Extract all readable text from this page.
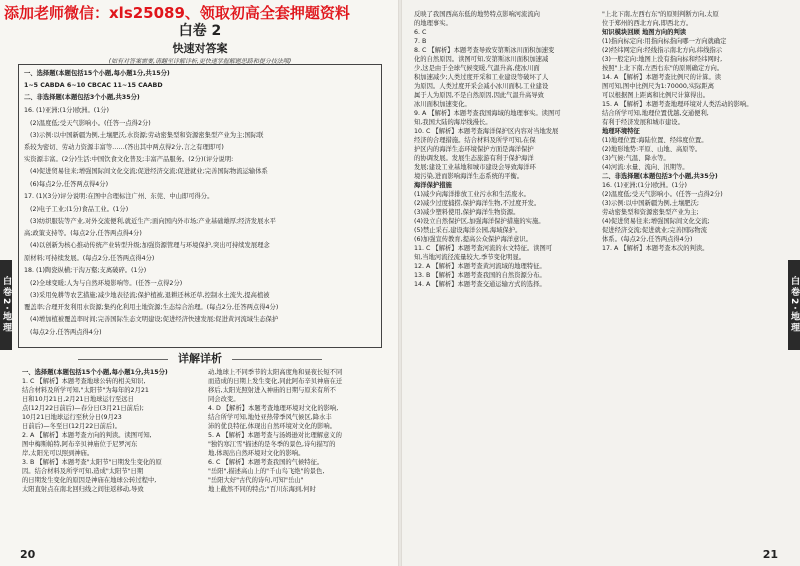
白卷 2
快速对答案
(如有对答案需要,请翻至详解详析,更快速掌握解题思路和提分技法哦)
一、选择题(本题包括15个小题,每小题1分,共15分)
1~5 CABDA 6~10 CBCAC 11~15 CAABD
二、非选择题(本题包括3个小题,共35分)
16. (1)亚洲;(1分)欧洲。(1分)
(2)温度低;受天气影响小。(任答一点得2分)
(3)示例:以中国新疆为例,土壤肥沃,水资源;劳动密集型和资源密集型产业为主;国际联
系较为密切、劳动力资源丰富等……(答出其中两点得2分,言之有理即可)
实资源丰富。(2分)生活:中国饮食文化普及;丰富产品服务。(2分)(评分说明:
(4)促进贸易往来;增强国际间文化交流;促进经济交流;促进就业;完善国际物流运输体系
(6)每点2分,任答两点得4分)
17. (1)(3分)评分说明:在图中合理标注广州、东莞、中山即可得分。
(2)电子工业;(1分)食品工业。(1分)
(3)纺织服装等产业,对外交流便利,就近生产;面向国内外市场;产业基础雄厚;经济发展水平
高;政策支持等。(每点2分,任答两点得4分)
(4)以创新为核心推动传统产业转型升级;加强资源管理与环境保护,突出可持续发展理念
原材料;可持续发展。(每点2分,任答两点得4分)
18. (1)陶瓷纵横;干沟万壑;支离破碎。(1分)
(2)全球变暖;人为与自然环境影响等。(任答一点得2分)
(3)采用免耕等农艺措施;减少地表径流;保护植被,退耕还林还草,控制水土流失,提高植被
覆盖率;合理开发利用水资源;集约化利用土地资源;生态综合治理。(每点2分,任答两点得4分)
(4)增加植被覆盖率时间;完善国际生态文明建设;促进经济快速发展;促进黄河流域生态保护
(每点2分,任答两点得4分)
白卷2·地理
详解详析

一、选择题(本题包括15个小题,每小题1分,共15分)

1. C 【解析】本题考查地球公转的相关知识,

结合材料及所学可知,"太阳节"为每年的2月21

日和10月21日,2月21日地球运行至远日

点(12月22日前后)—春分日(3月21日前后);

10月21日地球运行至秋分日(9月23

日前后)—冬至日(12月22日前后)。

2. A 【解析】本题考查方向的判读。读图可知,

图中梅斯帕特,阿布辛贝神庙位于尼罗河东

岸,太阳光可以照到神庙。

3. B 【解析】本题考查"太阳节"日期发生变化的原

因。结合材料及所学可知,造成"太阳节"日期

的日期发生变化的原因是神庙在地球公转过程中,

太阳直射点在南北回归线之间往返移动,导致

动,地球上不同季节的太阳高度角和昼夜长短不同

而造成的日期上发生变化,同此阿布辛贝神庙在迁

移后,太阳光照射进入神庙的日期与原来有所不

同会改变。

4. D 【解析】本题考查地理环境对文化的影响,

结合所学可知,地处亚热带季风气候区,降水丰

沛的优良特征,体现出自然环境对文化的影响。

5. A 【解析】本题考查与汤姆逊对比理解意义的

"独钓寒江雪"描述的是冬季的景色,诗句描写的

地,体现出自然环境对文化的影响。

6. C 【解析】本题考查我国的气候特征。

"岳阳",描述高山上的"千山鸟飞绝"的景色,

"岳阳大好"古代的诗句,可知"岳山"

地上截然不同的特点;"百川东海到,何时

20
白卷2·地理

反映了我国西高东低的地势特点影响河流流向

的地理事实。

6. C

7. B

8. C 【解析】本题考查导致安第斯冰川面积加速变

化的自然原因。读图可知,安第斯冰川面积加速减

少,这是由于全球气候变暖,气温升高,使冰川面

积加速减少;人类过度开采和工业建设等破坏了人

为原因。人类过度开采会减小冰川面积,工业建设

属于人为原因,不是自然原因,因此气温升高导致

冰川面积加速变化。

9. A 【解析】本题考查我国海域的地理事实。读图可

知,我国大陆的海岸线漫长。

10. C 【解析】本题考查海洋保护区内容对当地发展

经济的合理措施。结合材料及所学可知,在保

护区内的海洋生态环境保护方面是海洋保护

的协调发展。发展生态旅游有利于保护海洋

发展;建设工业基地和城市建设会导致海洋环

境污染,进而影响海洋生态系统的平衡。

海洋保护措施

(1)减少向海洋排放工业污水和生活废水。

(2)减少过度捕捞,保护海洋生物,不过度开发。

(3)减少塑料使用,保护海洋生物资源。

(4)设立自然保护区,加强海洋保护措施的实施。

(5)禁止采石,建设海洋公园,海域保护。

(6)加强宣传教育,提高公众保护海洋意识。

11. C 【解析】本题考查河流的水文特征。读图可

知,当地河流径流量较大,季节变化明显。

12. A 【解析】本题考查黄河流域的地理特征。

13. B 【解析】本题考查我国的自然资源分布。

14. A 【解析】本题考查交通运输方式的选择。

"上北下南,左西右东"的原则判断方向,太原

位于郑州的西北方向,即西北方。

知识模块回顾 地图方向的判读

(1)指向标定向:用指向标指向哪一方向就确定

(2)经纬网定向:经线指示南北方向,纬线指示

(3)一般定向:地图上没有指向标和经纬网时,

按照"上北下南,左西右东"的原则确定方向。

14. A 【解析】本题考查比例尺的计算。读

图可知,图中比例尺为1:70000,实际距离

可以根据图上距离和比例尺计算得出。

15. A 【解析】本题考查地理环境对人类活动的影响。

结合所学可知,地理位置优越,交通便利,

有利于经济发展和城市建设。

地理环境特征

(1)地理位置:海陆位置、经纬度位置。

(2)地形地势:平原、山地、高原等。

(3)气候:气温、降水等。

(4)河流:水量、流向、汛期等。

二、非选择题(本题包括3个小题,共35分)

16. (1)亚洲;(1分)欧洲。(1分)

(2)温度低;受天气影响小。(任答一点得2分)

(3)示例:以中国新疆为例,土壤肥沃;

劳动密集型和资源密集型产业为主;

(4)促进贸易往来;增强国际间文化交流;

促进经济交流;促进就业;完善国际物流

体系。(每点2分,任答两点得4分)

17. A 【解析】本题考查本次的判读。

21
添加老师微信：xls25089、领取初高全套押题资料
